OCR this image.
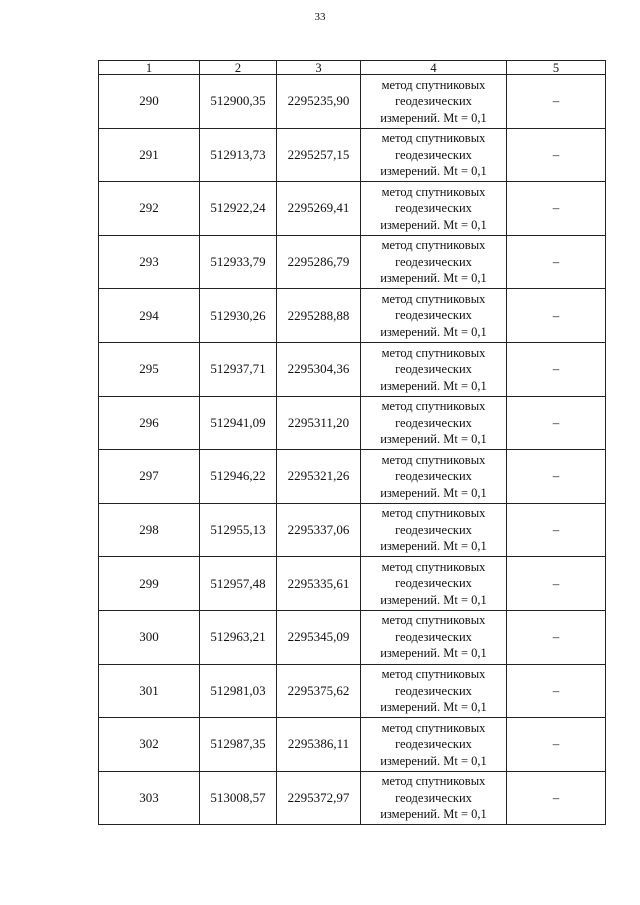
33
1	2	3	4	5
290	512900,35	2295235,90	метод спутниковых
геодезических
измерений. Mt = 0,1	–
291	512913,73	2295257,15	метод спутниковых
геодезических
измерений. Mt = 0,1	–
292	512922,24	2295269,41	метод спутниковых
геодезических
измерений. Mt = 0,1	–
293	512933,79	2295286,79	метод спутниковых
геодезических
измерений. Mt = 0,1	–
294	512930,26	2295288,88	метод спутниковых
геодезических
измерений. Mt = 0,1	–
295	512937,71	2295304,36	метод спутниковых
геодезических
измерений. Mt = 0,1	–
296	512941,09	2295311,20	метод спутниковых
геодезических
измерений. Mt = 0,1	–
297	512946,22	2295321,26	метод спутниковых
геодезических
измерений. Mt = 0,1	–
298	512955,13	2295337,06	метод спутниковых
геодезических
измерений. Mt = 0,1	–
299	512957,48	2295335,61	метод спутниковых
геодезических
измерений. Mt = 0,1	–
300	512963,21	2295345,09	метод спутниковых
геодезических
измерений. Mt = 0,1	–
301	512981,03	2295375,62	метод спутниковых
геодезических
измерений. Mt = 0,1	–
302	512987,35	2295386,11	метод спутниковых
геодезических
измерений. Mt = 0,1	–
303	513008,57	2295372,97	метод спутниковых
геодезических
измерений. Mt = 0,1	–
